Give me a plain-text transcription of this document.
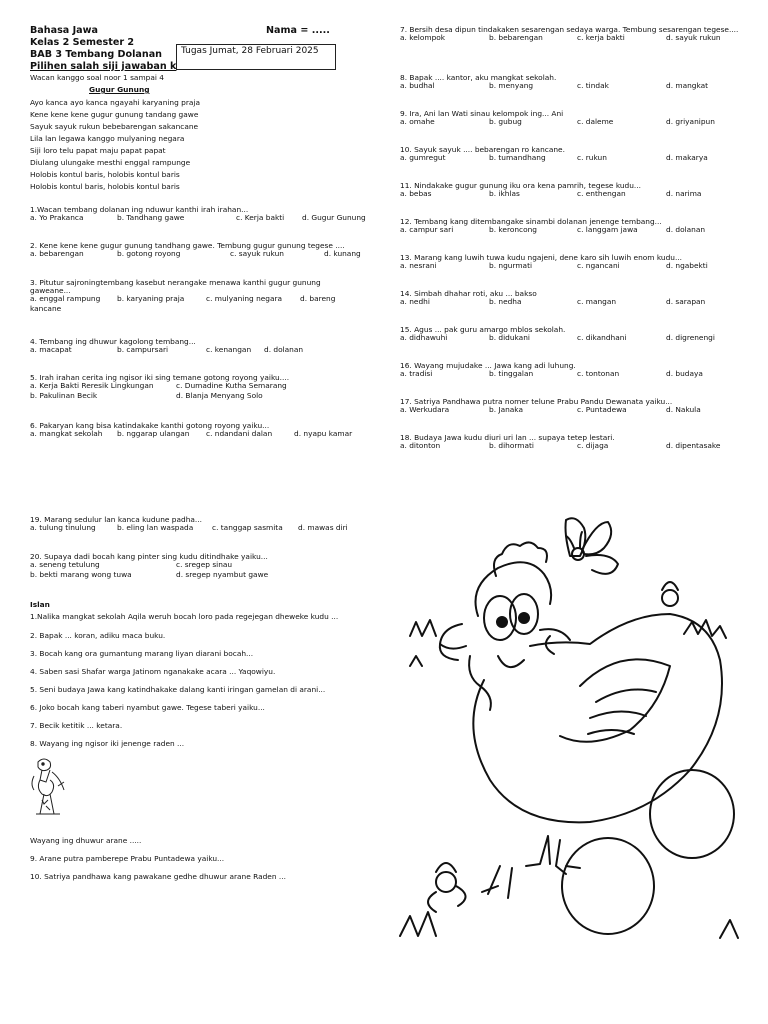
Bahasa Jawa	Nama = .....
Kelas 2 Semester 2
BAB 3 Tembang Dolanan
Pilihen salah siji jawaban k
Tugas Jumat, 28 Februari 2025
Wacan kanggo soal noor 1 sampai 4
Gugur Gunung
Ayo kanca ayo kanca ngayahi karyaning praja
Kene kene kene gugur gunung tandang gawe
Sayuk sayuk rukun bebebarengan sakancane
Lila lan legawa kanggo mulyaning negara
Siji loro telu papat maju papat papat
Diulang ulungake mesthi enggal rampunge
Holobis kontul baris, holobis kontul baris
Holobis kontul baris, holobis kontul baris
1.Wacan tembang dolanan ing nduwur kanthi irah irahan...
a. Yo Prakanca	b. Tandhang gawe	c. Kerja bakti d. Gugur Gunung
2. Kene kene kene gugur gunung tandhang gawe. Tembung gugur gunung tegese ....
a. bebarengan	b. gotong royong	c. sayuk rukun	d. kunang
3. Pitutur sajroningtembang kasebut nerangake menawa kanthi gugur gunung gaweane...
a. enggal rampung b. karyaning praja	c. mulyaning negara d. bareng
kancane
4. Tembang ing dhuwur kagolong tembang...
a. macapat	b. campursari	c. kenangan d. dolanan
5. Irah irahan cerita ing ngisor iki sing temane gotong royong yaiku....
a. Kerja Bakti Reresik Lingkungan	c. Dumadine Kutha Semarang
b. Pakulinan Becik	d. Blanja Menyang Solo
6. Pakaryan kang bisa katindakake kanthi gotong royong yaiku...
a. mangkat sekolah b. nggarap ulangan c. ndandani dalan	d. nyapu kamar
7. Bersih desa dipun tindakaken sesarengan sedaya warga. Tembung sesarengan tegese....
a. kelompok	b. bebarengan	c. kerja bakti	d. sayuk rukun
8. Bapak .... kantor, aku mangkat sekolah.
a. budhal	b. menyang	c. tindak	d. mangkat
9. Ira, Ani lan Wati sinau kelompok ing... Ani
a. omahe	b. gubug	c. daleme	d. griyanipun
10. Sayuk sayuk .... bebarengan ro kancane.
a. gumregut	b. tumandhang	c. rukun	d. makarya
11. Nindakake gugur gunung iku ora kena pamrih, tegese kudu...
a. bebas	b. ikhlas	c. enthengan	d. narima
12. Tembang kang ditembangake sinambi dolanan jenenge tembang...
a. campur sari	b. keroncong	c. langgam jawa	d. dolanan
13. Marang kang luwih tuwa kudu ngajeni, dene karo sih luwih enom kudu...
a. nesrani	b. ngurmati	c. ngancani	d. ngabekti
14. Simbah dhahar roti, aku ... bakso
a. nedhi	b. nedha	c. mangan	d. sarapan
15. Agus ... pak guru amargo mblos sekolah.
a. didhawuhi	b. didukani	c. dikandhani	d. digrenengi
16. Wayang mujudake ... Jawa kang adi luhung.
a. tradisi	b. tinggalan	c. tontonan	d. budaya
17. Satriya Pandhawa putra nomer telune Prabu Pandu Dewanata yaiku...
a. Werkudara	b. Janaka	c. Puntadewa	d. Nakula
18. Budaya Jawa kudu diuri uri lan ... supaya tetep lestari.
a. ditonton	b. dihormati	c. dijaga	d. dipentasake
19. Marang sedulur lan kanca kudune padha...
a. tulung tinulung	b. eling lan waspada	c. tanggap sasmita d. mawas diri
20. Supaya dadi bocah kang pinter sing kudu ditindhake yaiku...
a. seneng tetulung	c. sregep sinau
b. bekti marang wong tuwa	d. sregep nyambut gawe
Islan
1.Nalika mangkat sekolah Aqila weruh bocah loro pada regejegan dheweke kudu ...
2. Bapak ... koran, adiku maca buku.
3. Bocah kang ora gumantung marang liyan diarani bocah...
4. Saben sasi Shafar warga Jatinom nganakake acara ... Yaqowiyu.
5. Seni budaya Jawa kang katindhakake dalang kanti iringan gamelan di arani...
6. Joko bocah kang taberi nyambut gawe. Tegese taberi yaiku...
7. Becik ketitik ... ketara.
8. Wayang ing ngisor iki jenenge raden ...
Wayang ing dhuwur arane .....
9. Arane putra pamberepe Prabu Puntadewa yaiku...
10. Satriya pandhawa kang pawakane gedhe dhuwur arane Raden ...
